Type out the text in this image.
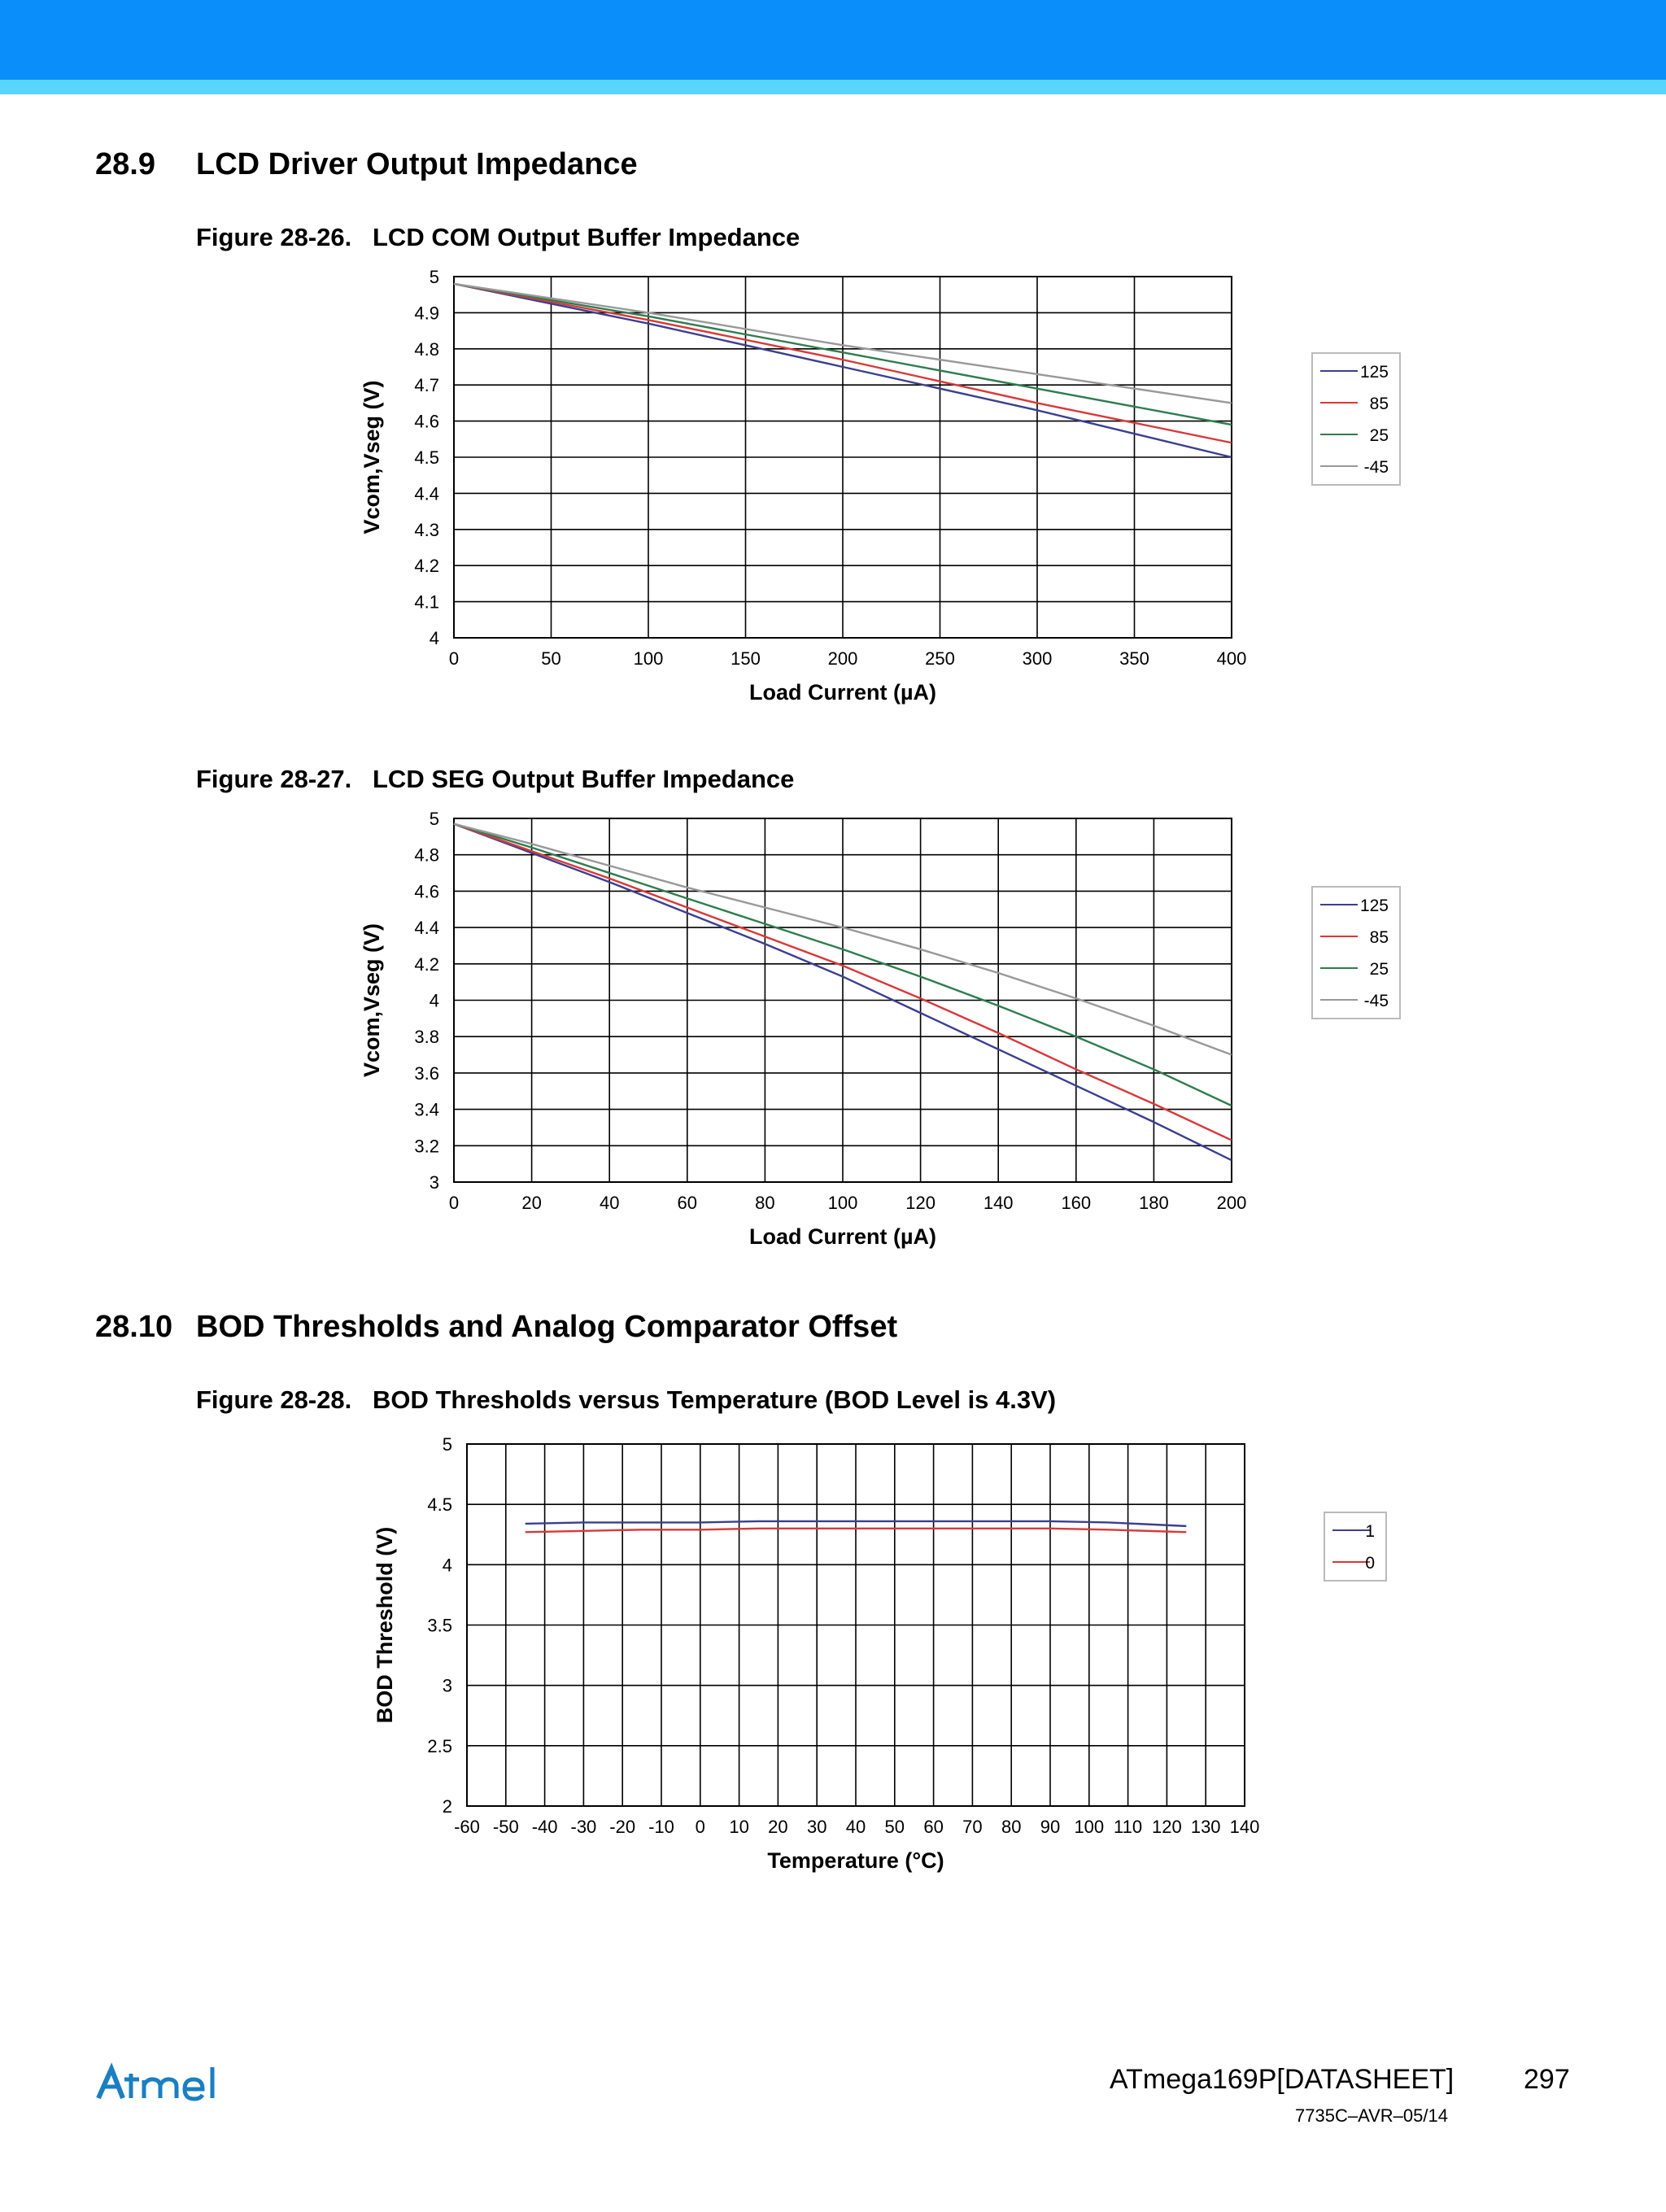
28.9 LCD Driver Output Impedance
Figure 28-26. LCD COM Output Buffer Impedance
0	50	100	150	200	250	300	350	400
4
4.1
4.2
4.3
4.4
4.5
4.6
4.7
4.8
4.9
5
Load Current (µA)
Vcom,Vseg (V)
125
85
25
-45
Figure 28-27. LCD SEG Output Buffer Impedance
0	20	40	60	80	100	120	140	160	180	200
3
3.2
3.4
3.6
3.8
4
4.2
4.4
4.6
4.8
5
Load Current (µA)
Vcom,Vseg (V)
125
85
25
-45
28.10 BOD Thresholds and Analog Comparator Offset
Figure 28-28. BOD Thresholds versus Temperature (BOD Level is 4.3V)
-60 -50 -40 -30 -20 -10 0 10 20 30 40 50 60 70 80 90 100 110 120 130 140
2
2.5
3
3.5
4
4.5
5
Temperature (°C)
BOD Threshold (V)	1
0
ATmega169P[DATASHEET]	297
7735C–AVR–05/14
